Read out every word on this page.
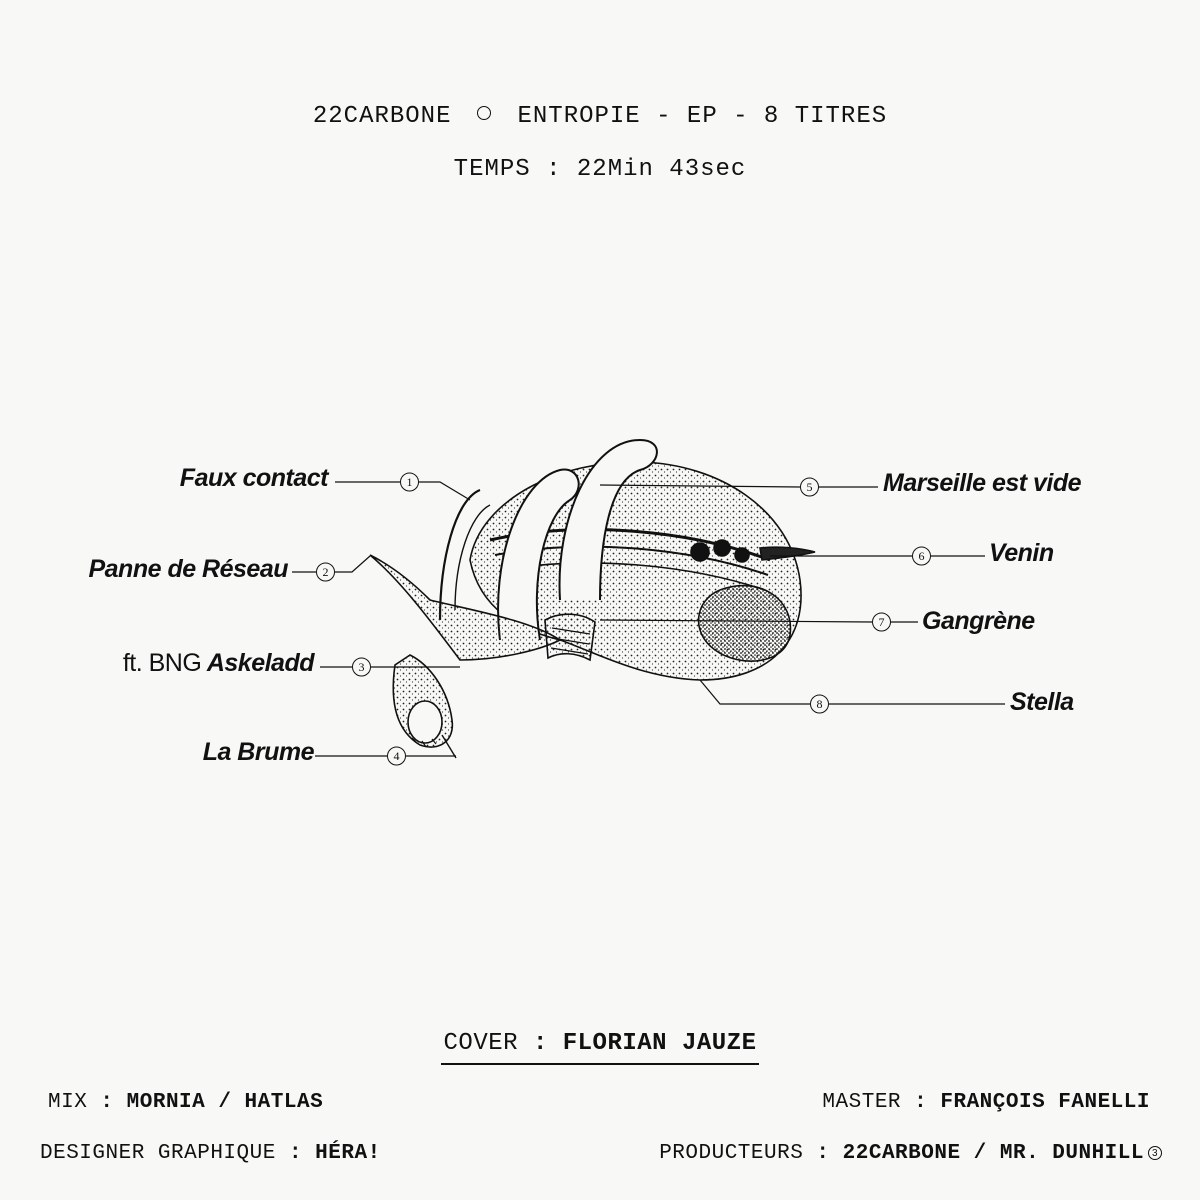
22CARBONE	ENTROPIE - EP - 8 TITRES
TEMPS : 22Min 43sec
1
2
3
4
5
6
7
8
Faux contact
Panne de Réseau
ft. BNG Askeladd
La Brume
Marseille est vide
Venin
Gangrène
Stella
COVER : FLORIAN JAUZE
MIX : MORNIA / HATLAS	MASTER : FRANÇOIS FANELLI
DESIGNER GRAPHIQUE : HÉRA!	PRODUCTEURS : 22CARBONE / MR. DUNHILL 3
